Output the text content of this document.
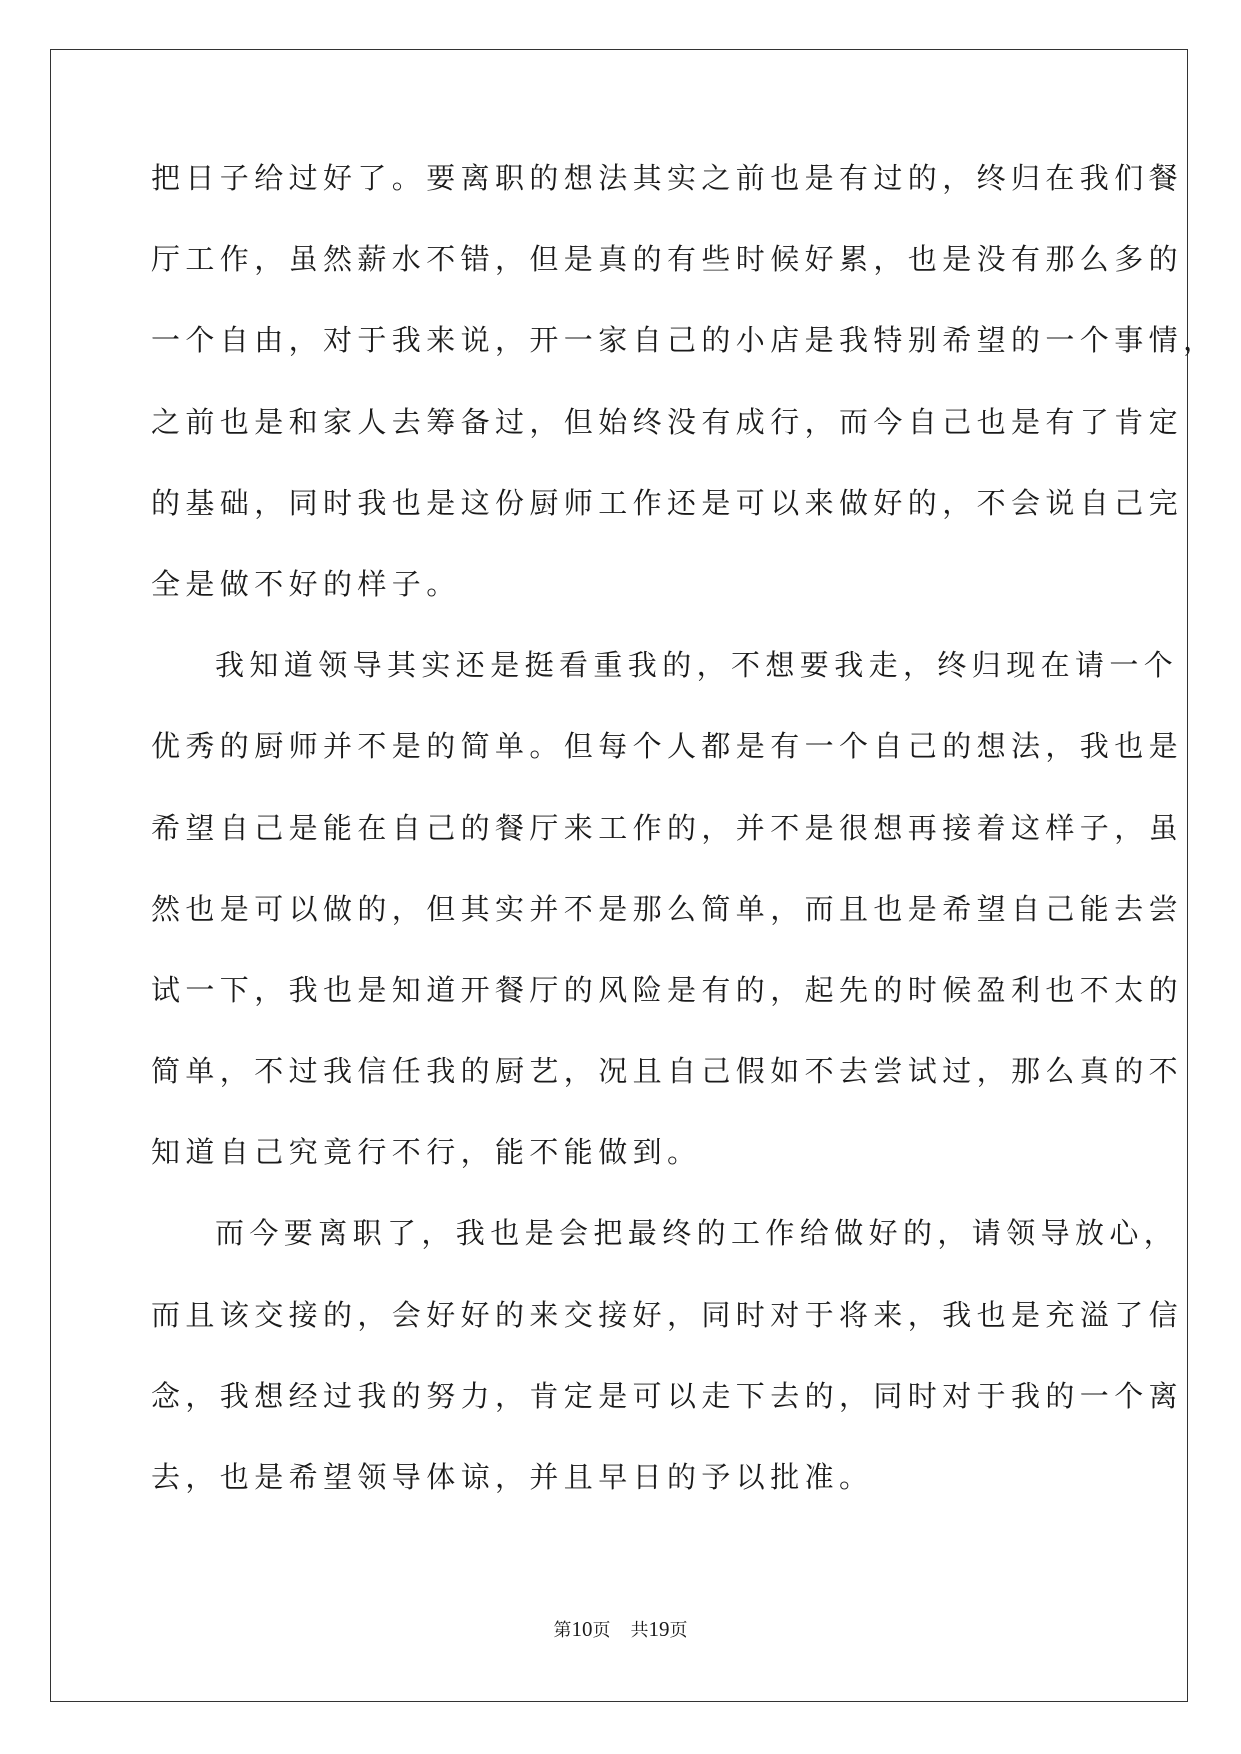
把日子给过好了。要离职的想法其实之前也是有过的，终归在我们餐
厅工作，虽然薪水不错，但是真的有些时候好累，也是没有那么多的
一个自由，对于我来说，开一家自己的小店是我特别希望的一个事情，
之前也是和家人去筹备过，但始终没有成行，而今自己也是有了肯定
的基础，同时我也是这份厨师工作还是可以来做好的，不会说自己完
全是做不好的样子。
我知道领导其实还是挺看重我的，不想要我走，终归现在请一个
优秀的厨师并不是的简单。但每个人都是有一个自己的想法，我也是
希望自己是能在自己的餐厅来工作的，并不是很想再接着这样子，虽
然也是可以做的，但其实并不是那么简单，而且也是希望自己能去尝
试一下，我也是知道开餐厅的风险是有的，起先的时候盈利也不太的
简单，不过我信任我的厨艺，况且自己假如不去尝试过，那么真的不
知道自己究竟行不行，能不能做到。
而今要离职了，我也是会把最终的工作给做好的，请领导放心，
而且该交接的，会好好的来交接好，同时对于将来，我也是充溢了信
念，我想经过我的努力，肯定是可以走下去的，同时对于我的一个离
去，也是希望领导体谅，并且早日的予以批准。
第10页 共19页
